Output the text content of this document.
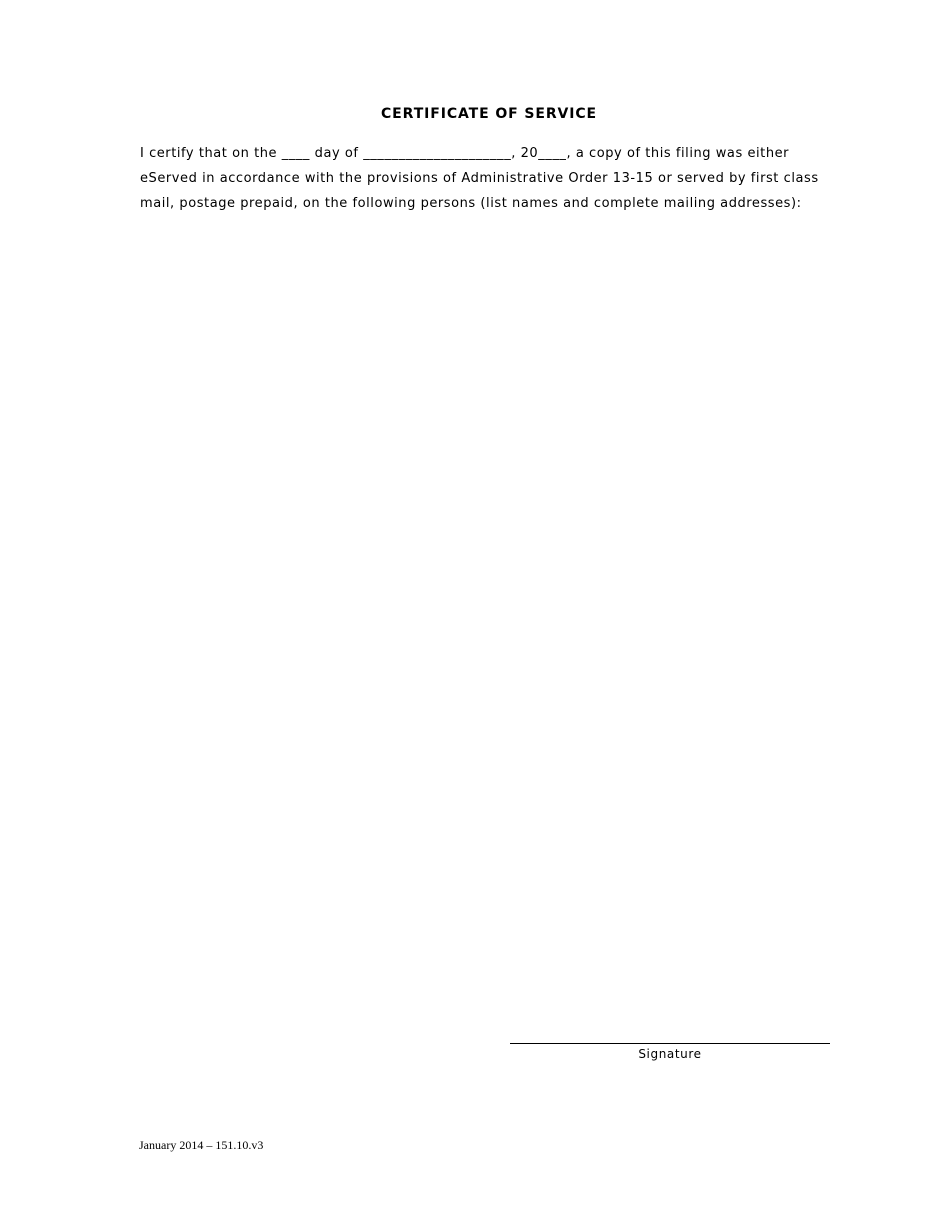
CERTIFICATE OF SERVICE

I certify that on the ____ day of _____________________, 20____, a copy of this filing was either
eServed in accordance with the provisions of Administrative Order 13-15 or served by first class
mail, postage prepaid, on the following persons (list names and complete mailing addresses):

Signature

January 2014 – 151.10.v3
